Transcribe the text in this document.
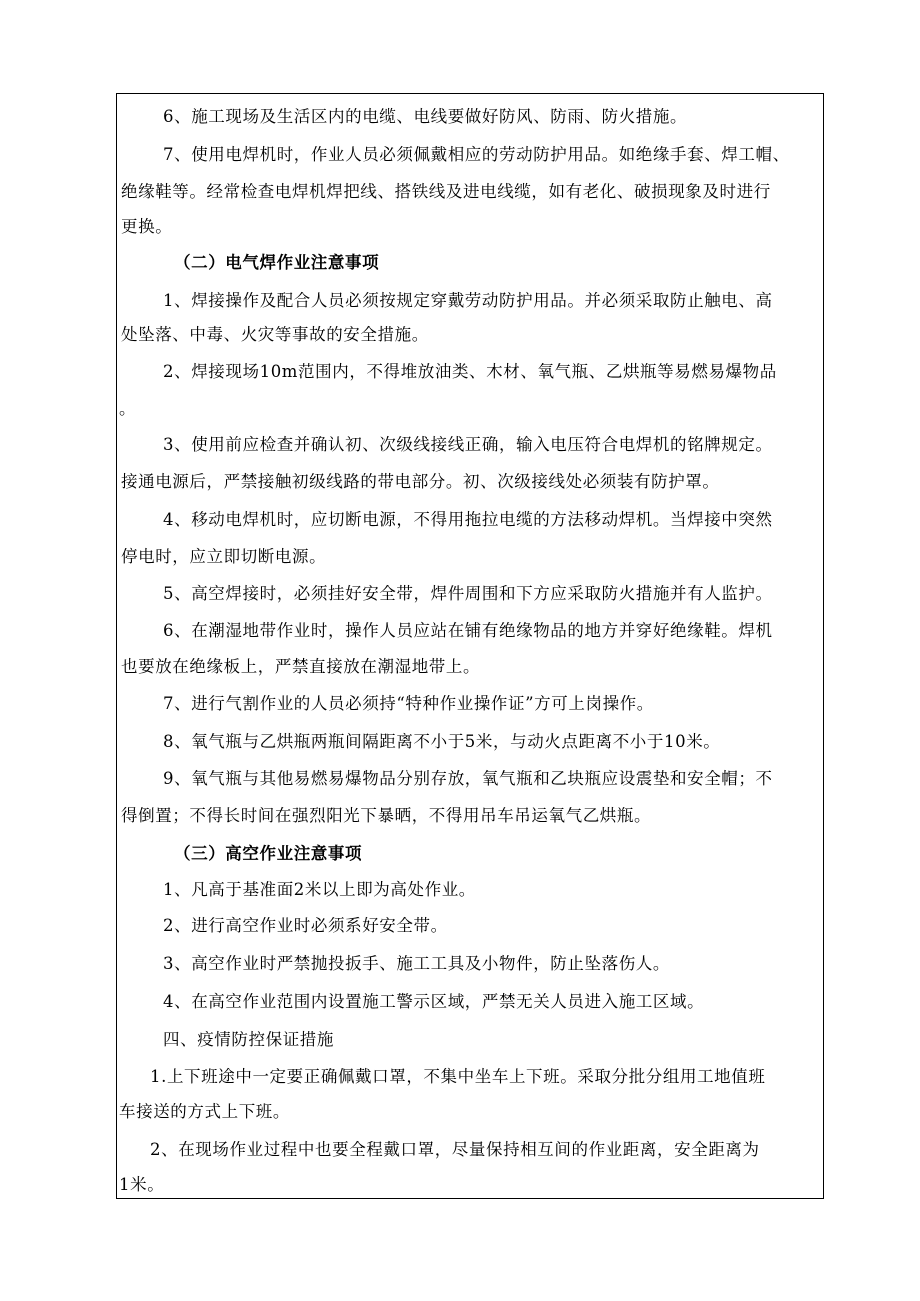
6、施工现场及生活区内的电缆、电线要做好防风、防雨、防火措施。
7、使用电焊机时，作业人员必须佩戴相应的劳动防护用品。如绝缘手套、焊工帽、
绝缘鞋等。经常检查电焊机焊把线、搭铁线及进电线缆，如有老化、破损现象及时进行
更换。
（二）电气焊作业注意事项
1、焊接操作及配合人员必须按规定穿戴劳动防护用品。并必须采取防止触电、高
处坠落、中毒、火灾等事故的安全措施。
2、焊接现场10m范围内，不得堆放油类、木材、氧气瓶、乙烘瓶等易燃易爆物品
。
3、使用前应检查并确认初、次级线接线正确，输入电压符合电焊机的铭牌规定。
接通电源后，严禁接触初级线路的带电部分。初、次级接线处必须装有防护罩。
4、移动电焊机时，应切断电源，不得用拖拉电缆的方法移动焊机。当焊接中突然
停电时，应立即切断电源。
5、高空焊接时，必须挂好安全带，焊件周围和下方应采取防火措施并有人监护。
6、在潮湿地带作业时，操作人员应站在铺有绝缘物品的地方并穿好绝缘鞋。焊机
也要放在绝缘板上，严禁直接放在潮湿地带上。
7、进行气割作业的人员必须持“特种作业操作证”方可上岗操作。
8、氧气瓶与乙烘瓶两瓶间隔距离不小于5米，与动火点距离不小于10米。
9、氧气瓶与其他易燃易爆物品分别存放，氧气瓶和乙块瓶应设震垫和安全帽；不
得倒置；不得长时间在强烈阳光下暴晒，不得用吊车吊运氧气乙烘瓶。
（三）高空作业注意事项
1、凡高于基准面2米以上即为高处作业。
2、进行高空作业时必须系好安全带。
3、高空作业时严禁抛投扳手、施工工具及小物件，防止坠落伤人。
4、在高空作业范围内设置施工警示区域，严禁无关人员进入施工区域。
四、疫情防控保证措施
1.上下班途中一定要正确佩戴口罩，不集中坐车上下班。采取分批分组用工地值班
车接送的方式上下班。
2、在现场作业过程中也要全程戴口罩，尽量保持相互间的作业距离，安全距离为
1米。
